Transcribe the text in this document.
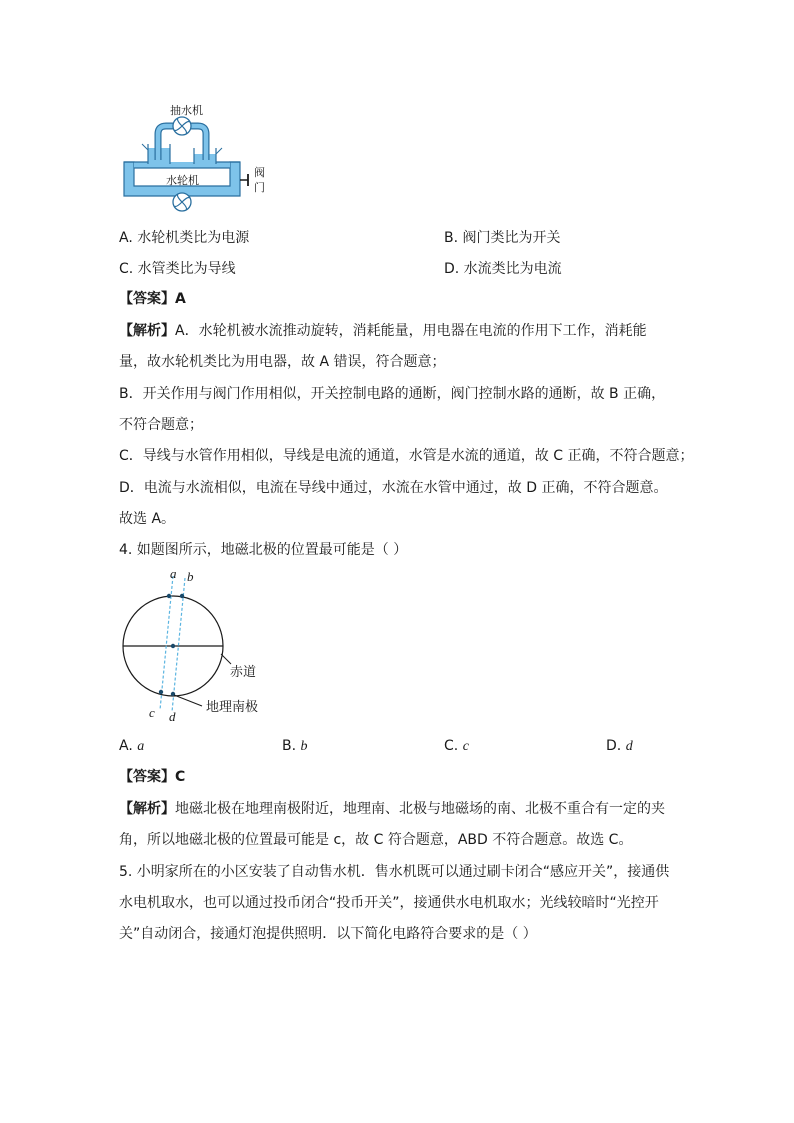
抽水机
水轮机
阀
门
A. 水轮机类比为电源	B. 阀门类比为开关
C. 水管类比为导线	D. 水流类比为电流
【答案】A
【解析】A．水轮机被水流推动旋转，消耗能量，用电器在电流的作用下工作，消耗能
量，故水轮机类比为用电器，故 A 错误，符合题意；
B．开关作用与阀门作用相似，开关控制电路的通断，阀门控制水路的通断，故 B 正确，
不符合题意；
C．导线与水管作用相似，导线是电流的通道，水管是水流的通道，故 C 正确，不符合题意；
D．电流与水流相似，电流在导线中通过，水流在水管中通过，故 D 正确，不符合题意。
故选 A。
4. 如题图所示，地磁北极的位置最可能是（ ）
a b
c d
赤道
地理南极
A. a	B. b	C. c	D. d
【答案】C
【解析】地磁北极在地理南极附近，地理南、北极与地磁场的南、北极不重合有一定的夹
角，所以地磁北极的位置最可能是 c，故 C 符合题意，ABD 不符合题意。故选 C。
5. 小明家所在的小区安装了自动售水机．售水机既可以通过刷卡闭合“感应开关”，接通供
水电机取水，也可以通过投币闭合“投币开关”，接通供水电机取水；光线较暗时“光控开
关”自动闭合，接通灯泡提供照明．以下简化电路符合要求的是（ ）
